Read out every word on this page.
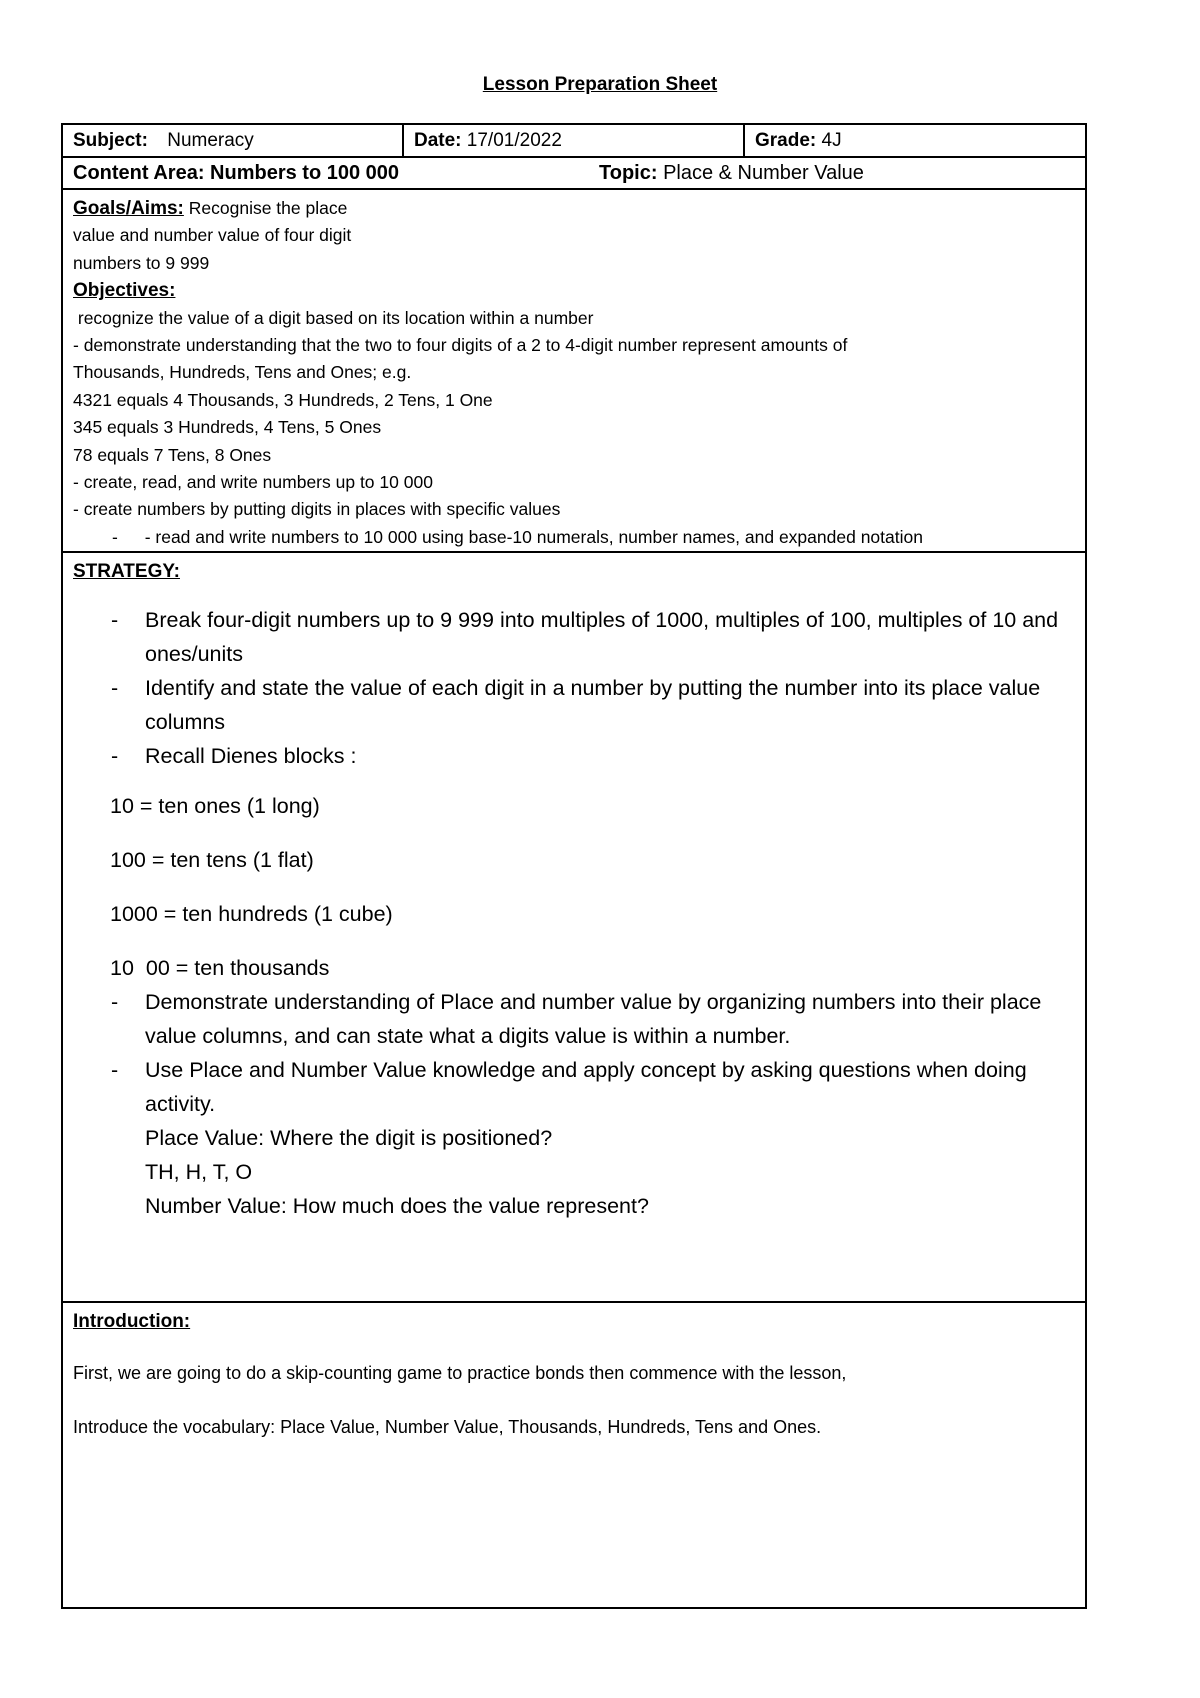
Lesson Preparation Sheet
Subject: Numeracy	Date: 17/01/2022	Grade: 4J
Content Area: Numbers to 100 000	Topic: Place & Number Value
Goals/Aims: Recognise the place
value and number value of four digit
numbers to 9 999
Objectives:
recognize the value of a digit based on its location within a number
- demonstrate understanding that the two to four digits of a 2 to 4-digit number represent amounts of
Thousands, Hundreds, Tens and Ones; e.g.
4321 equals 4 Thousands, 3 Hundreds, 2 Tens, 1 One
345 equals 3 Hundreds, 4 Tens, 5 Ones
78 equals 7 Tens, 8 Ones
- create, read, and write numbers up to 10 000
- create numbers by putting digits in places with specific values
- - read and write numbers to 10 000 using base-10 numerals, number names, and expanded notation
STRATEGY:
- Break four-digit numbers up to 9 999 into multiples of 1000, multiples of 100, multiples of 10 and ones/units
- Identify and state the value of each digit in a number by putting the number into its place value columns
- Recall Dienes blocks :
10 = ten ones (1 long)
100 = ten tens (1 flat)
1000 = ten hundreds (1 cube)
10  00 = ten thousands
- Demonstrate understanding of Place and number value by organizing numbers into their place value columns, and can state what a digits value is within a number.
- Use Place and Number Value knowledge and apply concept by asking questions when doing activity.
Place Value: Where the digit is positioned?
TH, H, T, O
Number Value: How much does the value represent?
Introduction:

First, we are going to do a skip-counting game to practice bonds then commence with the lesson,

Introduce the vocabulary: Place Value, Number Value, Thousands, Hundreds, Tens and Ones.
